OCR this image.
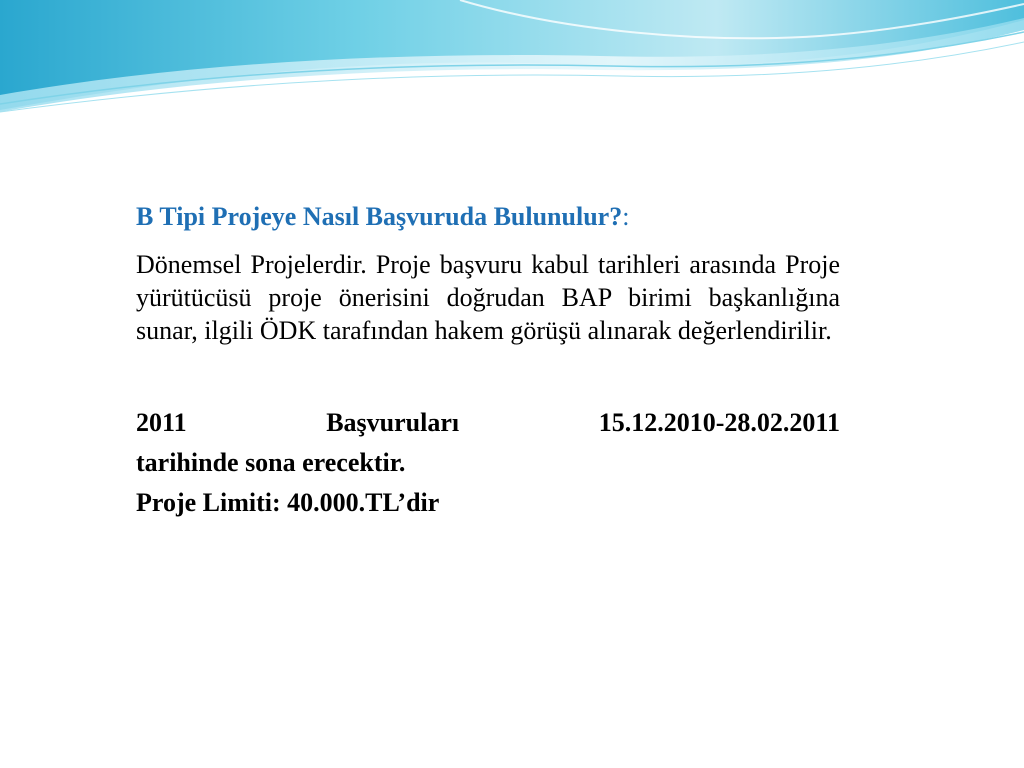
B Tipi Projeye Nasıl Başvuruda Bulunulur?:

Dönemsel Projelerdir. Proje başvuru kabul tarihleri arasında Proje yürütücüsü proje önerisini doğrudan BAP birimi başkanlığına sunar, ilgili ÖDK tarafından hakem görüşü alınarak değerlendirilir.

2011	Başvuruları	15.12.2010-28.02.2011
tarihinde sona erecektir.
Proje Limiti: 40.000.TL’dir
